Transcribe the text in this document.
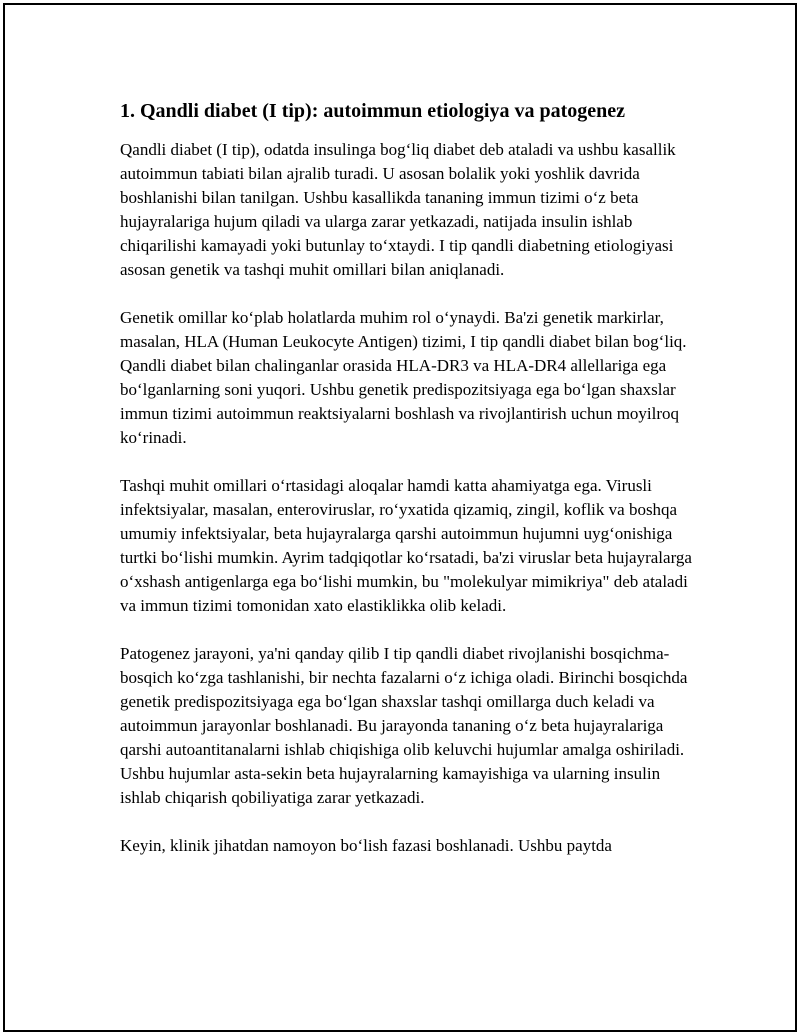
1. Qandli diabet (I tip): autoimmun etiologiya va patogenez

Qandli diabet (I tip), odatda insulinga bog‘liq diabet deb ataladi va ushbu kasallik autoimmun tabiati bilan ajralib turadi. U asosan bolalik yoki yoshlik davrida boshlanishi bilan tanilgan. Ushbu kasallikda tananing immun tizimi o‘z beta hujayralariga hujum qiladi va ularga zarar yetkazadi, natijada insulin ishlab chiqarilishi kamayadi yoki butunlay to‘xtaydi. I tip qandli diabetning etiologiyasi asosan genetik va tashqi muhit omillari bilan aniqlanadi.

Genetik omillar ko‘plab holatlarda muhim rol o‘ynaydi. Ba'zi genetik markirlar, masalan, HLA (Human Leukocyte Antigen) tizimi, I tip qandli diabet bilan bog‘liq. Qandli diabet bilan chalinganlar orasida HLA-DR3 va HLA-DR4 allellariga ega bo‘lganlarning soni yuqori. Ushbu genetik predispozitsiyaga ega bo‘lgan shaxslar immun tizimi autoimmun reaktsiyalarni boshlash va rivojlantirish uchun moyilroq ko‘rinadi.

Tashqi muhit omillari o‘rtasidagi aloqalar hamdi katta ahamiyatga ega. Virusli infektsiyalar, masalan, enteroviruslar, ro‘yxatida qizamiq, zingil, koflik va boshqa umumiy infektsiyalar, beta hujayralarga qarshi autoimmun hujumni uyg‘onishiga turtki bo‘lishi mumkin. Ayrim tadqiqotlar ko‘rsatadi, ba'zi viruslar beta hujayralarga o‘xshash antigenlarga ega bo‘lishi mumkin, bu "molekulyar mimikriya" deb ataladi va immun tizimi tomonidan xato elastiklikka olib keladi.

Patogenez jarayoni, ya'ni qanday qilib I tip qandli diabet rivojlanishi bosqichma-bosqich ko‘zga tashlanishi, bir nechta fazalarni o‘z ichiga oladi. Birinchi bosqichda genetik predispozitsiyaga ega bo‘lgan shaxslar tashqi omillarga duch keladi va autoimmun jarayonlar boshlanadi. Bu jarayonda tananing o‘z beta hujayralariga qarshi autoantitanalarni ishlab chiqishiga olib keluvchi hujumlar amalga oshiriladi. Ushbu hujumlar asta-sekin beta hujayralarning kamayishiga va ularning insulin ishlab chiqarish qobiliyatiga zarar yetkazadi.

Keyin, klinik jihatdan namoyon bo‘lish fazasi boshlanadi. Ushbu paytda
